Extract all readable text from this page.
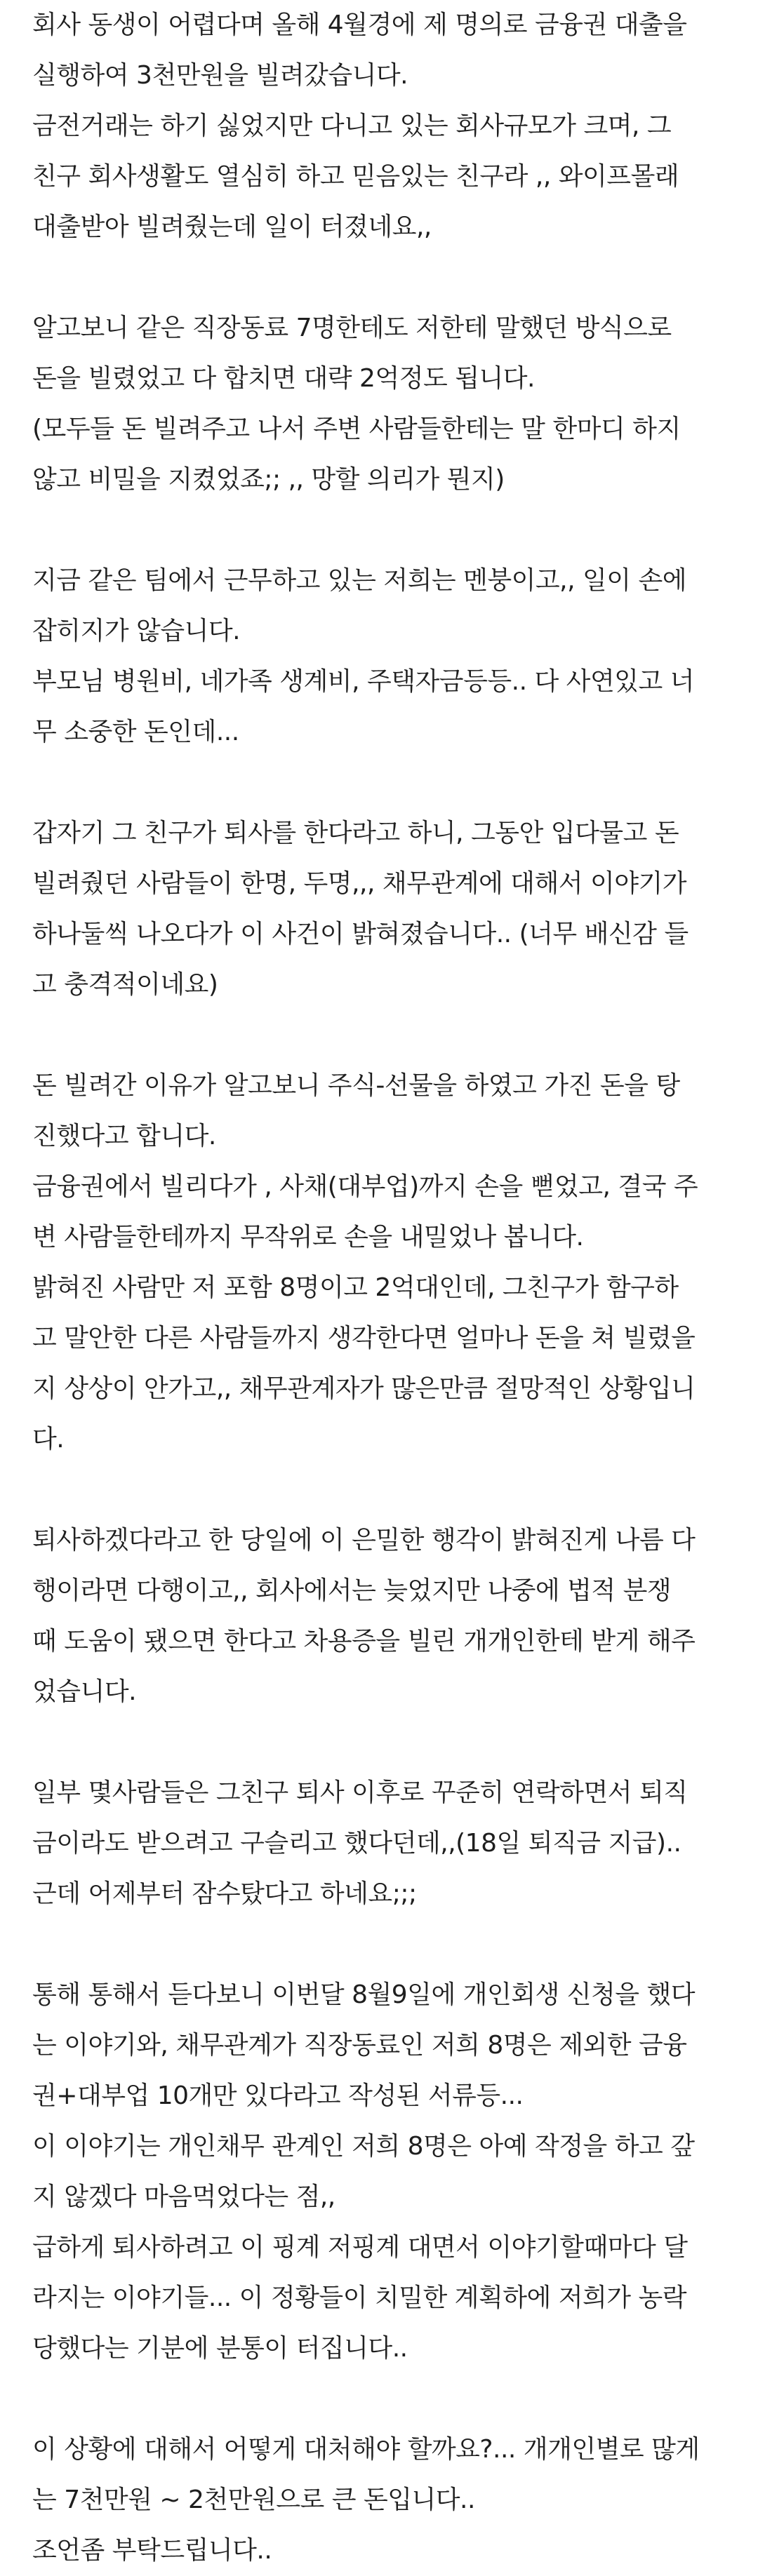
회사 동생이 어렵다며 올해 4월경에 제 명의로 금융권 대출을
실행하여 3천만원을 빌려갔습니다.
금전거래는 하기 싫었지만 다니고 있는 회사규모가 크며, 그
친구 회사생활도 열심히 하고 믿음있는 친구라 ,, 와이프몰래
대출받아 빌려줬는데 일이 터졌네요,,
알고보니 같은 직장동료 7명한테도 저한테 말했던 방식으로
돈을 빌렸었고 다 합치면 대략 2억정도 됩니다.
(모두들 돈 빌려주고 나서 주변 사람들한테는 말 한마디 하지
않고 비밀을 지켰었죠;; ,, 망할 의리가 뭔지)
지금 같은 팀에서 근무하고 있는 저희는 멘붕이고,, 일이 손에
잡히지가 않습니다.
부모님 병원비, 네가족 생계비, 주택자금등등.. 다 사연있고 너
무 소중한 돈인데...
갑자기 그 친구가 퇴사를 한다라고 하니, 그동안 입다물고 돈
빌려줬던 사람들이 한명, 두명,,, 채무관계에 대해서 이야기가
하나둘씩 나오다가 이 사건이 밝혀졌습니다.. (너무 배신감 들
고 충격적이네요)
돈 빌려간 이유가 알고보니 주식-선물을 하였고 가진 돈을 탕
진했다고 합니다.
금융권에서 빌리다가 , 사채(대부업)까지 손을 뻗었고, 결국 주
변 사람들한테까지 무작위로 손을 내밀었나 봅니다.
밝혀진 사람만 저 포함 8명이고 2억대인데, 그친구가 함구하
고 말안한 다른 사람들까지 생각한다면 얼마나 돈을 쳐 빌렸을
지 상상이 안가고,, 채무관계자가 많은만큼 절망적인 상황입니
다.
퇴사하겠다라고 한 당일에 이 은밀한 행각이 밝혀진게 나름 다
행이라면 다행이고,, 회사에서는 늦었지만 나중에 법적 분쟁
때 도움이 됐으면 한다고 차용증을 빌린 개개인한테 받게 해주
었습니다.
일부 몇사람들은 그친구 퇴사 이후로 꾸준히 연락하면서 퇴직
금이라도 받으려고 구슬리고 했다던데,,(18일 퇴직금 지급)..
근데 어제부터 잠수탔다고 하네요;;;
통해 통해서 듣다보니 이번달 8월9일에 개인회생 신청을 했다
는 이야기와, 채무관계가 직장동료인 저희 8명은 제외한 금융
권+대부업 10개만 있다라고 작성된 서류등...
이 이야기는 개인채무 관계인 저희 8명은 아예 작정을 하고 갚
지 않겠다 마음먹었다는 점,,
급하게 퇴사하려고 이 핑계 저핑계 대면서 이야기할때마다 달
라지는 이야기들... 이 정황들이 치밀한 계획하에 저희가 농락
당했다는 기분에 분통이 터집니다..
이 상황에 대해서 어떻게 대처해야 할까요?... 개개인별로 많게
는 7천만원 ~ 2천만원으로 큰 돈입니다..
조언좀 부탁드립니다..
